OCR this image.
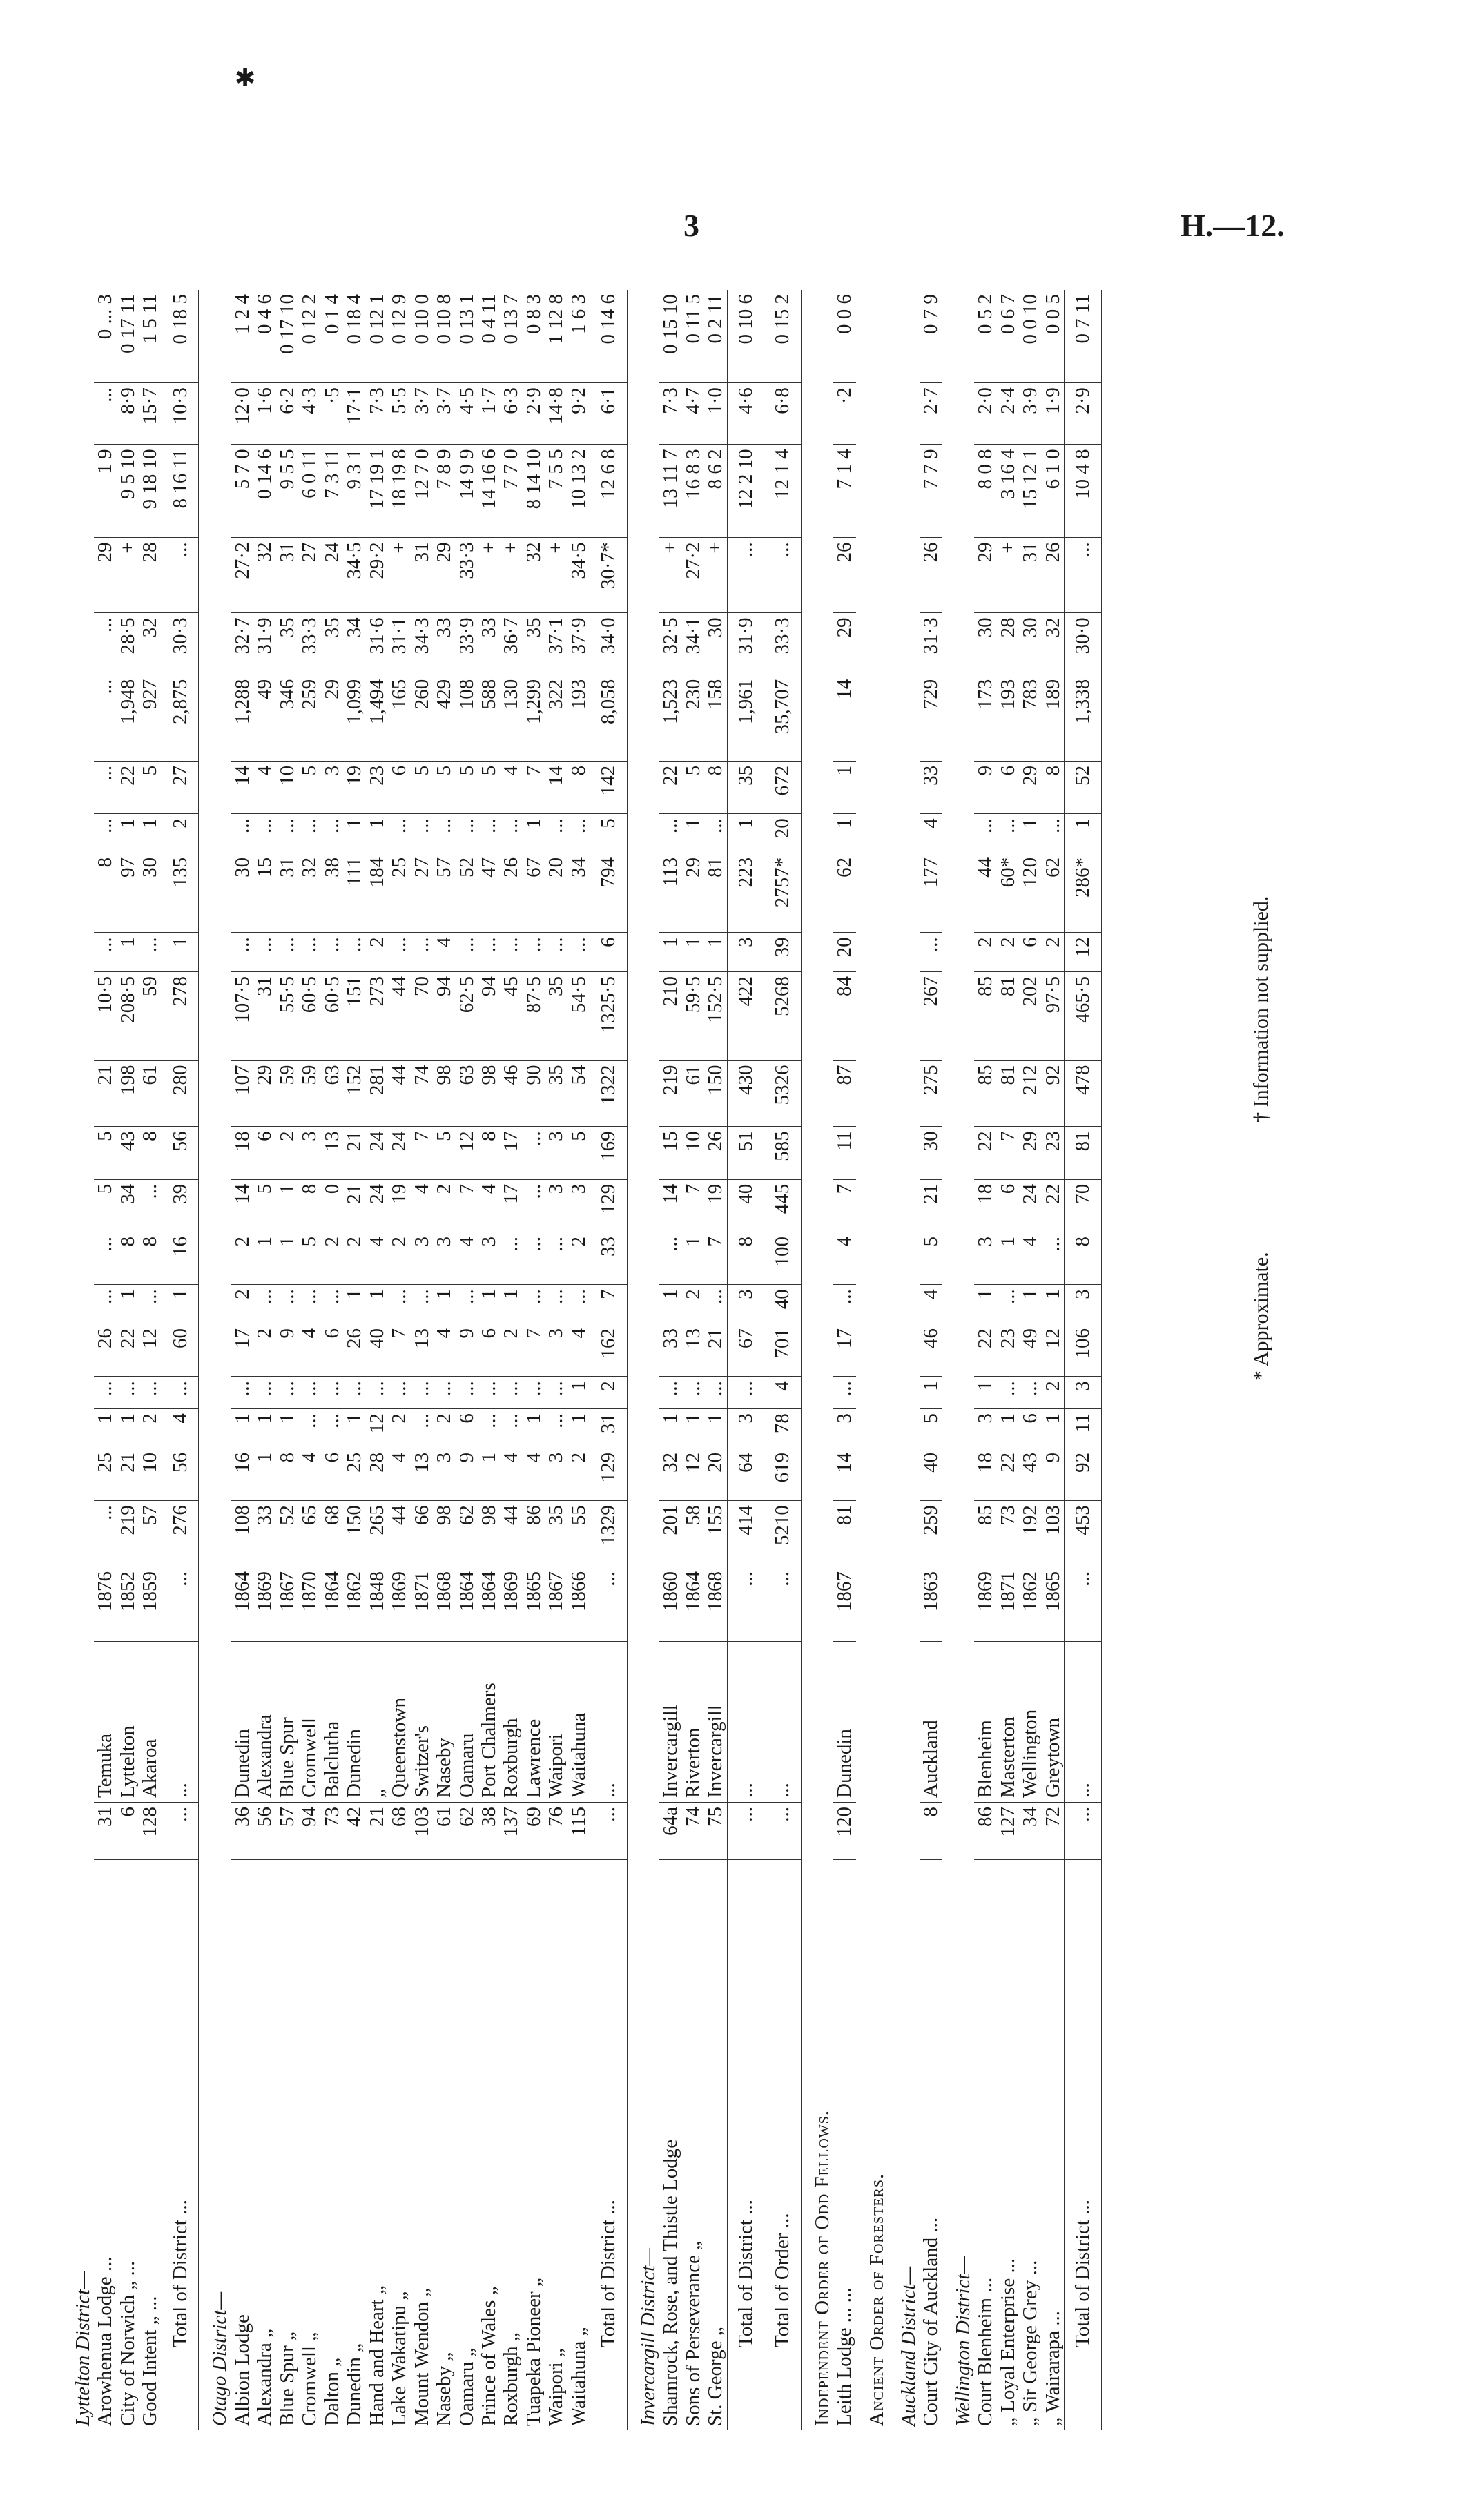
✱
3	H.—12.
Lyttelton District—																								
Arowhenua Lodge ...	31	Temuka	1876	...	25	1	...	26	...	...	5	5	21	10·5	...	8	...	...	...	...	29	1 9	...	0 ... 3
City of Norwich „ ...	6	Lyttelton	1852	219	21	1	...	22	1	8	34	43	198	208·5	1	97	1	22	1,948	28·5	+	9 5 10	8·9	0 17 11
Good Intent „ ...	128	Akaroa	1859	57	10	2	...	12	...	8	...	8	61	59	...	30	1	5	927	32	28	9 18 10	15·7	1 5 11
Total of District ...	...	...	...	276	56	4	...	60	1	16	39	56	280	278	1	135	2	27	2,875	30·3	...	8 16 11	10·3	0 18 5
Otago District—																								
Albion Lodge	36	Dunedin	1864	108	16	1	...	17	2	2	14	18	107	107·5	...	30	...	14	1,288	32·7	27·2	5 7 0	12·0	1 2 4
Alexandra „	56	Alexandra	1869	33	1	1	...	2	...	1	5	6	29	31	...	15	...	4	49	31·9	32	0 14 6	1·6	0 4 6
Blue Spur „	57	Blue Spur	1867	52	8	1	...	9	...	1	1	2	59	55·5	...	31	...	10	346	35	31	9 5 5	6·2	0 17 10
Cromwell „	94	Cromwell	1870	65	4	...	...	4	...	5	8	3	59	60·5	...	32	...	5	259	33·3	27	6 0 11	4·3	0 12 2
Dalton „	73	Balclutha	1864	68	6	...	...	6	...	2	0	13	63	60·5	...	38	...	3	29	35	24	7 3 11	·5	0 1 4
Dunedin „	42	Dunedin	1862	150	25	1	...	26	1	2	21	21	152	151	...	111	1	19	1,099	34	34·5	9 3 1	17·1	0 18 4
Hand and Heart „	21	„	1848	265	28	12	...	40	1	4	24	24	281	273	2	184	1	23	1,494	31·6	29·2	17 19 1	7·3	0 12 1
Lake Wakatipu „	68	Queenstown	1869	44	4	2	...	7	...	2	19	24	44	44	...	25	...	6	165	31·1	+	18 19 8	5·5	0 12 9
Mount Wendon „	103	Switzer's	1871	66	13	...	...	13	...	3	4	7	74	70	...	27	...	5	260	34·3	31	12 7 0	3·7	0 10 0
Naseby „	61	Naseby	1868	98	3	2	...	4	1	3	2	5	98	94	4	57	...	5	429	33	29	7 8 9	3·7	0 10 8
Oamaru „	62	Oamaru	1864	62	9	6	...	9	...	4	7	12	63	62·5	...	52	...	5	108	33·9	33·3	14 9 9	4·5	0 13 1
Prince of Wales „	38	Port Chalmers	1864	98	1	...	...	6	1	3	4	8	98	94	...	47	...	5	588	33	+	14 16 6	1·7	0 4 11
Roxburgh „	137	Roxburgh	1869	44	4	...	...	2	1	...	17	17	46	45	...	26	...	4	130	36·7	+	7 7 0	6·3	0 13 7
Tuapeka Pioneer „	69	Lawrence	1865	86	4	1	...	7	...	...	...	...	90	87·5	...	67	1	7	1,299	35	32	8 14 10	2·9	0 8 3
Waipori „	76	Waipori	1867	35	3	...	...	3	...	...	3	3	35	35	...	20	...	14	322	37·1	+	7 5 5	14·8	1 12 8
Waitahuna „	115	Waitahuna	1866	55	2	1	1	4	...	2	3	5	54	54·5	...	34	...	8	193	37·9	34·5	10 13 2	9·2	1 6 3
Total of District ...	...	...	...	1329	129	31	2	162	7	33	129	169	1322	1325·5	6	794	5	142	8,058	34·0	30·7*	12 6 8	6·1	0 14 6
Invercargill District—																								
Shamrock, Rose, and Thistle Lodge	64a	Invercargill	1860	201	32	1	...	33	1	...	14	15	219	210	1	113	...	22	1,523	32·5	+	13 11 7	7·3	0 15 10
Sons of Perseverance „	74	Riverton	1864	58	12	1	...	13	2	1	7	10	61	59·5	1	29	1	5	230	34·1	27·2	16 8 3	4·7	0 11 5
St. George „	75	Invercargill	1868	155	20	1	...	21	...	7	19	26	150	152·5	1	81	...	8	158	30	+	8 6 2	1·0	0 2 11
Total of District ...	...	...	...	414	64	3	...	67	3	8	40	51	430	422	3	223	1	35	1,961	31·9	...	12 2 10	4·6	0 10 6
Total of Order ...	...	...	...	5210	619	78	4	701	40	100	445	585	5326	5268	39	2757*	20	672	35,707	33·3	...	12 1 4	6·8	0 15 2
Independent Order of Odd Fellows.																								
Leith Lodge ... ...	120	Dunedin	1867	81	14	3	...	17	...	4	7	11	87	84	20	62	1	1	14	29	26	7 1 4	·2	0 0 6
Ancient Order of Foresters.																								
Auckland District—																								
Court City of Auckland ...	8	Auckland	1863	259	40	5	1	46	4	5	21	30	275	267	...	177	4	33	729	31·3	26	7 7 9	2·7	0 7 9
Wellington District—																								
Court Blenheim ...	86	Blenheim	1869	85	18	3	1	22	1	3	18	22	85	85	2	44	...	9	173	30	29	8 0 8	2·0	0 5 2
„ Loyal Enterprise ...	127	Masterton	1871	73	22	1	...	23	...	1	6	7	81	81	2	60*	...	6	193	28	+	3 16 4	2·4	0 6 7
„ Sir George Grey ...	34	Wellington	1862	192	43	6	...	49	1	4	24	29	212	202	6	120	1	29	783	30	31	15 12 1	3·9	0 0 10
„ Wairarapa ...	72	Greytown	1865	103	9	1	2	12	1	...	22	23	92	97·5	2	62	...	8	189	32	26	6 1 0	1·9	0 0 5
Total of District ...	...	...	...	453	92	11	3	106	3	8	70	81	478	465·5	12	286*	1	52	1,338	30·0	...	10 4 8	2·9	0 7 11
* Approximate. † Information not supplied.
